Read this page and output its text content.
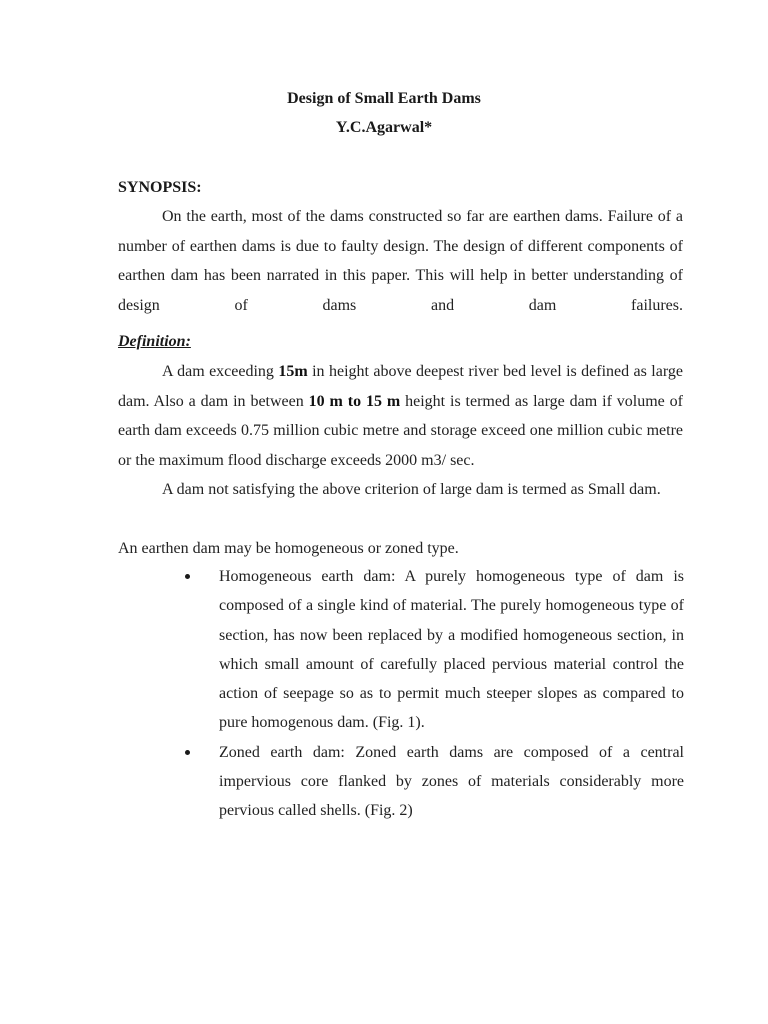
Design of Small Earth Dams
Y.C.Agarwal*
SYNOPSIS:

On the earth, most of the dams constructed so far are earthen dams. Failure of a number of earthen dams is due to faulty design. The design of different components of earthen dam has been narrated in this paper. This will help in better understanding of design of dams and dam failures.

Definition:

A dam exceeding 15m in height above deepest river bed level is defined as large dam. Also a dam in between 10 m to 15 m height is termed as large dam if volume of earth dam exceeds 0.75 million cubic metre and storage exceed one million cubic metre or the maximum flood discharge exceeds 2000 m3/ sec.

A dam not satisfying the above criterion of large dam is termed as Small dam.

An earthen dam may be homogeneous or zoned type.
Homogeneous earth dam: A purely homogeneous type of dam is composed of a single kind of material. The purely homogeneous type of section, has now been replaced by a modified homogeneous section, in which small amount of carefully placed pervious material control the action of seepage so as to permit much steeper slopes as compared to pure homogenous dam. (Fig. 1).
Zoned earth dam: Zoned earth dams are composed of a central impervious core flanked by zones of materials considerably more pervious called shells. (Fig. 2)
